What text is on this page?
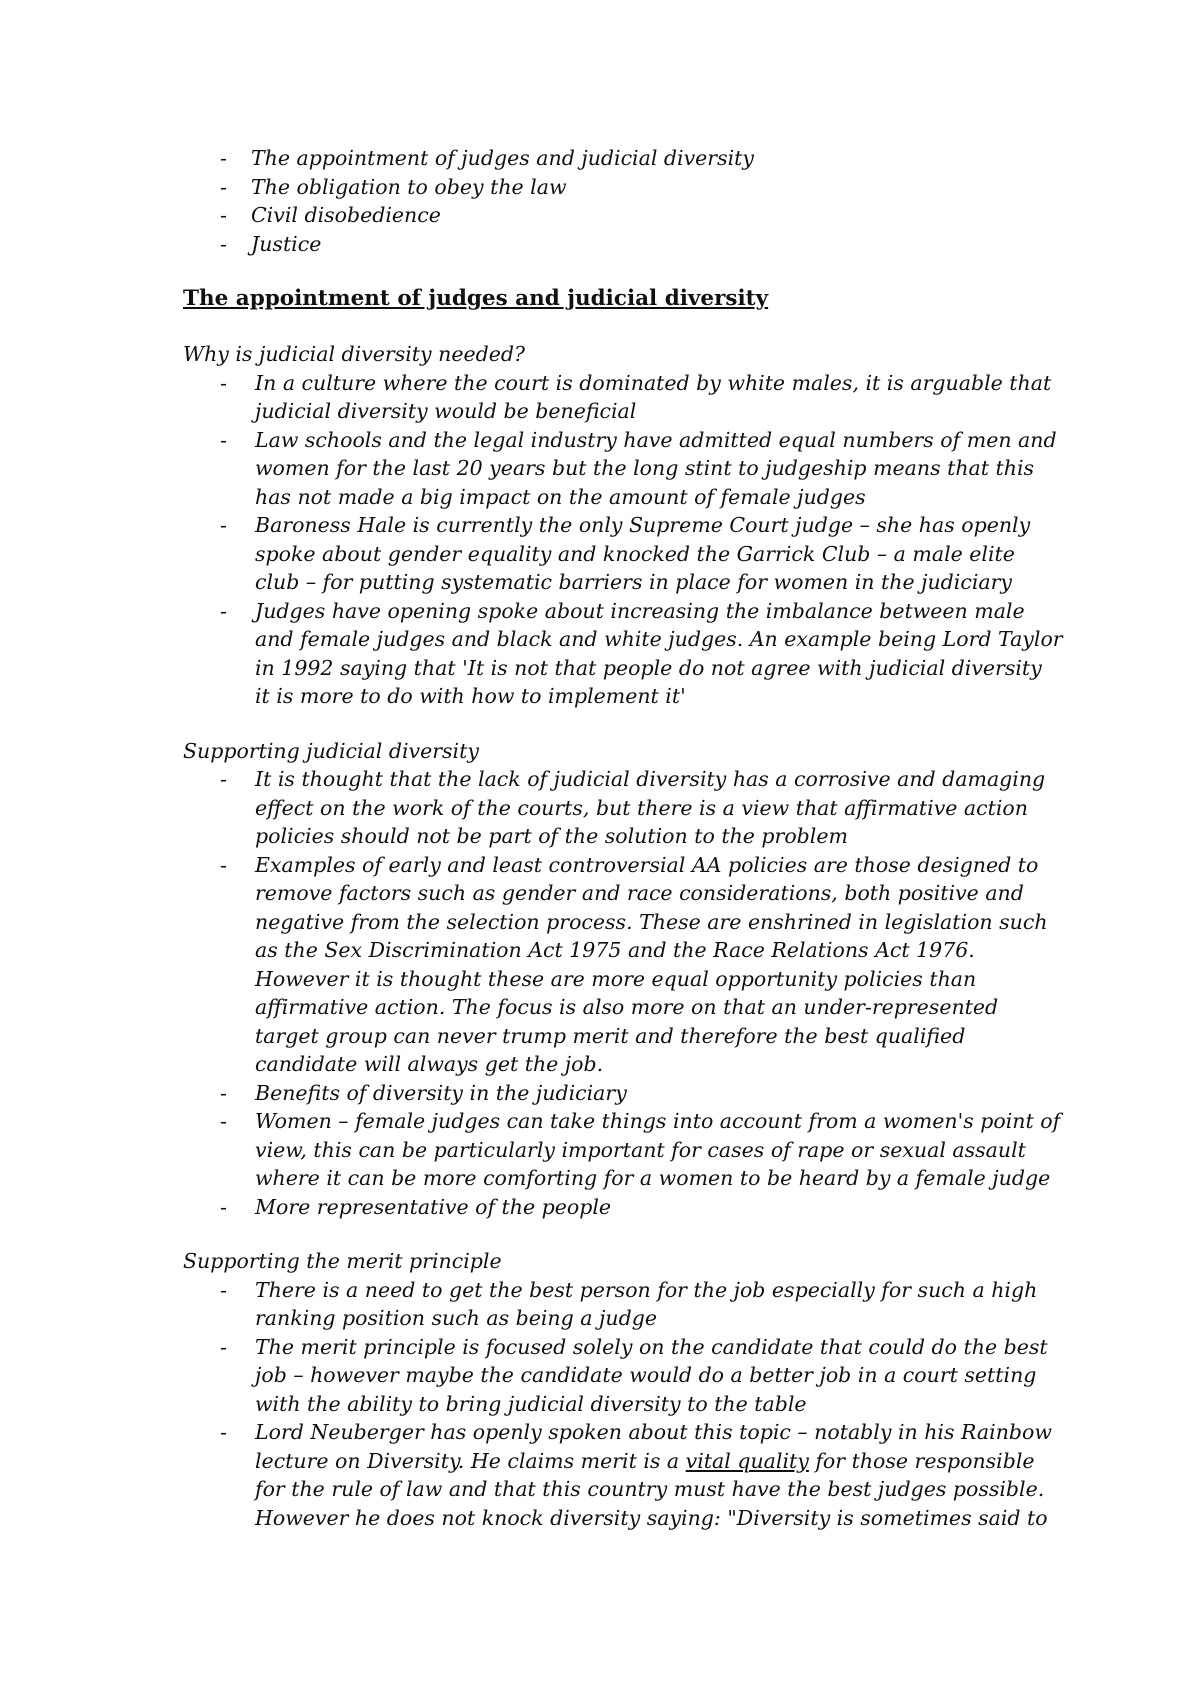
- The appointment of judges and judicial diversity
- The obligation to obey the law
- Civil disobedience
- Justice
The appointment of judges and judicial diversity
Why is judicial diversity needed?
- In a culture where the court is dominated by white males, it is arguable that judicial diversity would be beneficial
- Law schools and the legal industry have admitted equal numbers of men and women for the last 20 years but the long stint to judgeship means that this has not made a big impact on the amount of female judges
- Baroness Hale is currently the only Supreme Court judge – she has openly spoke about gender equality and knocked the Garrick Club – a male elite club – for putting systematic barriers in place for women in the judiciary
- Judges have opening spoke about increasing the imbalance between male and female judges and black and white judges. An example being Lord Taylor in 1992 saying that 'It is not that people do not agree with judicial diversity it is more to do with how to implement it'
Supporting judicial diversity
- It is thought that the lack of judicial diversity has a corrosive and damaging effect on the work of the courts, but there is a view that affirmative action policies should not be part of the solution to the problem
- Examples of early and least controversial AA policies are those designed to remove factors such as gender and race considerations, both positive and negative from the selection process. These are enshrined in legislation such as the Sex Discrimination Act 1975 and the Race Relations Act 1976. However it is thought these are more equal opportunity policies than affirmative action. The focus is also more on that an under-represented target group can never trump merit and therefore the best qualified candidate will always get the job.
- Benefits of diversity in the judiciary
- Women – female judges can take things into account from a women's point of view, this can be particularly important for cases of rape or sexual assault where it can be more comforting for a women to be heard by a female judge
- More representative of the people
Supporting the merit principle
- There is a need to get the best person for the job especially for such a high ranking position such as being a judge
- The merit principle is focused solely on the candidate that could do the best job – however maybe the candidate would do a better job in a court setting with the ability to bring judicial diversity to the table
- Lord Neuberger has openly spoken about this topic – notably in his Rainbow lecture on Diversity. He claims merit is a vital quality for those responsible for the rule of law and that this country must have the best judges possible. However he does not knock diversity saying: "Diversity is sometimes said to
